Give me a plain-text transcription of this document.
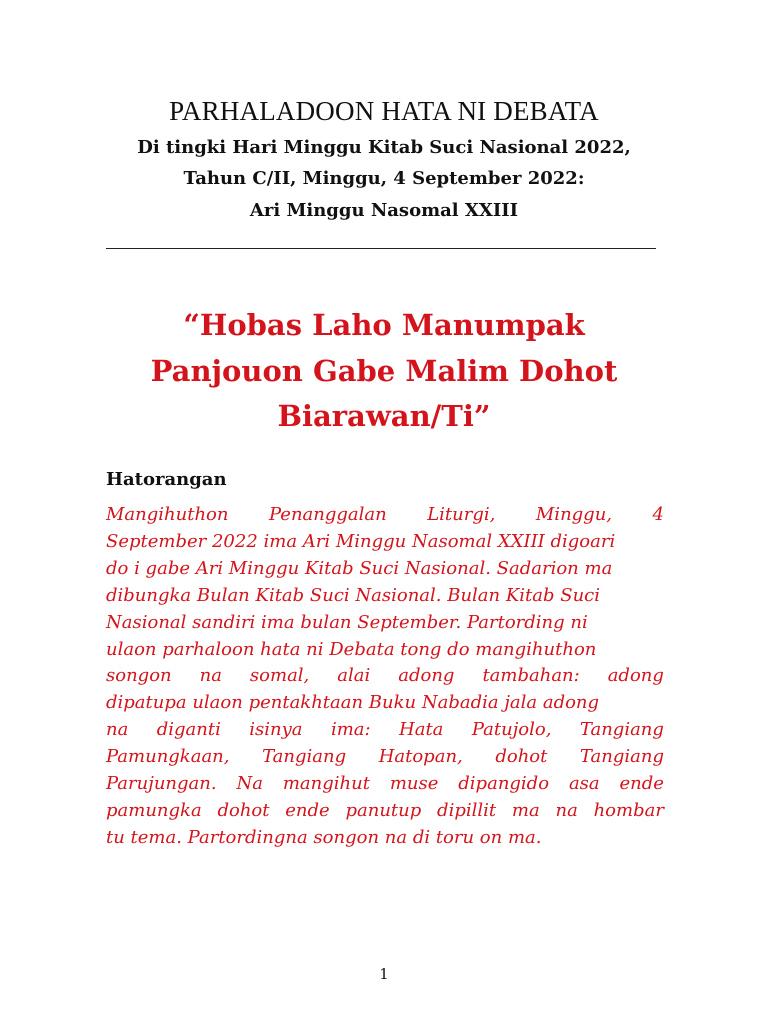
PARHALADOON HATA NI DEBATA

Di tingki Hari Minggu Kitab Suci Nasional 2022,

Tahun C/II, Minggu, 4 September 2022:

Ari Minggu Nasomal XXIII

“Hobas Laho Manumpak

Panjouon Gabe Malim Dohot

Biarawan/Ti”

Hatorangan
Mangihuthon Penanggalan Liturgi, Minggu, 4
September 2022 ima Ari Minggu Nasomal XXIII digoari
do i gabe Ari Minggu Kitab Suci Nasional. Sadarion ma
dibungka Bulan Kitab Suci Nasional. Bulan Kitab Suci
Nasional sandiri ima bulan September. Partording ni
ulaon parhaloon hata ni Debata tong do mangihuthon
songon na somal, alai adong tambahan: adong
dipatupa ulaon pentakhtaan Buku Nabadia jala adong
na diganti isinya ima: Hata Patujolo, Tangiang
Pamungkaan, Tangiang Hatopan, dohot Tangiang
Parujungan. Na mangihut muse dipangido asa ende
pamungka dohot ende panutup dipillit ma na hombar
tu tema. Partordingna songon na di toru on ma.

1
